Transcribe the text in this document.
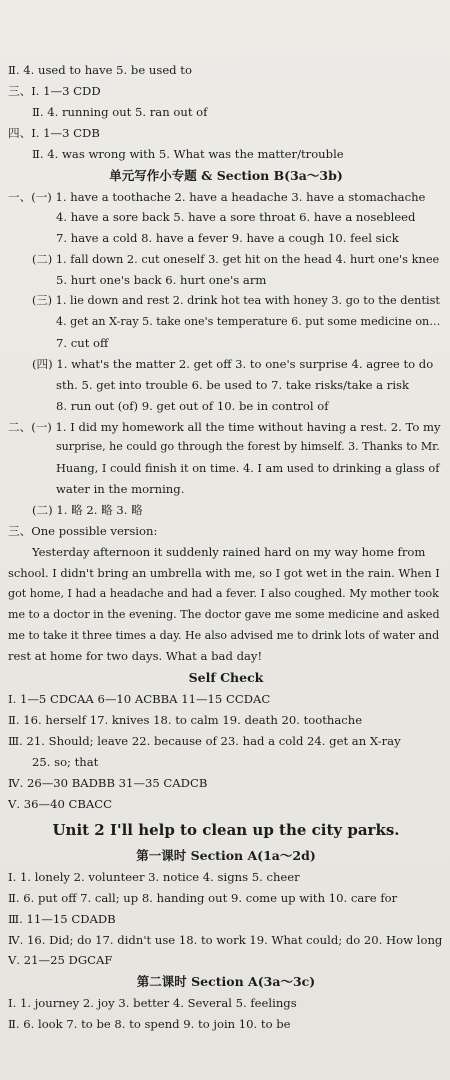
Ⅱ. 4. used to have 5. be used to
三、Ⅰ. 1—3 CDD
Ⅱ. 4. running out 5. ran out of
四、Ⅰ. 1—3 CDB
Ⅱ. 4. was wrong with 5. What was the matter/trouble
单元写作小专题 & Section B(3a～3b)
一、(一) 1. have a toothache 2. have a headache 3. have a stomachache
4. have a sore back 5. have a sore throat 6. have a nosebleed
7. have a cold 8. have a fever 9. have a cough 10. feel sick
(二) 1. fall down 2. cut oneself 3. get hit on the head 4. hurt one's knee
5. hurt one's back 6. hurt one's arm
(三) 1. lie down and rest 2. drink hot tea with honey 3. go to the dentist
4. get an X-ray 5. take one's temperature 6. put some medicine on…
7. cut off
(四) 1. what's the matter 2. get off 3. to one's surprise 4. agree to do
sth. 5. get into trouble 6. be used to 7. take risks/take a risk
8. run out (of) 9. get out of 10. be in control of
二、(一) 1. I did my homework all the time without having a rest. 2. To my
surprise, he could go through the forest by himself. 3. Thanks to Mr.
Huang, I could finish it on time. 4. I am used to drinking a glass of
water in the morning.
(二) 1. 略 2. 略 3. 略
三、One possible version:
Yesterday afternoon it suddenly rained hard on my way home from
school. I didn't bring an umbrella with me, so I got wet in the rain. When I
got home, I had a headache and had a fever. I also coughed. My mother took
me to a doctor in the evening. The doctor gave me some medicine and asked
me to take it three times a day. He also advised me to drink lots of water and
rest at home for two days. What a bad day!
Self Check
Ⅰ. 1—5 CDCAA 6—10 ACBBA 11—15 CCDAC
Ⅱ. 16. herself 17. knives 18. to calm 19. death 20. toothache
Ⅲ. 21. Should; leave 22. because of 23. had a cold 24. get an X-ray
25. so; that
Ⅳ. 26—30 BADBB 31—35 CADCB
Ⅴ. 36—40 CBACC
Unit 2 I'll help to clean up the city parks.
第一课时 Section A(1a～2d)
Ⅰ. 1. lonely 2. volunteer 3. notice 4. signs 5. cheer
Ⅱ. 6. put off 7. call; up 8. handing out 9. come up with 10. care for
Ⅲ. 11—15 CDADB
Ⅳ. 16. Did; do 17. didn't use 18. to work 19. What could; do 20. How long
Ⅴ. 21—25 DGCAF
第二课时 Section A(3a～3c)
Ⅰ. 1. journey 2. joy 3. better 4. Several 5. feelings
Ⅱ. 6. look 7. to be 8. to spend 9. to join 10. to be
